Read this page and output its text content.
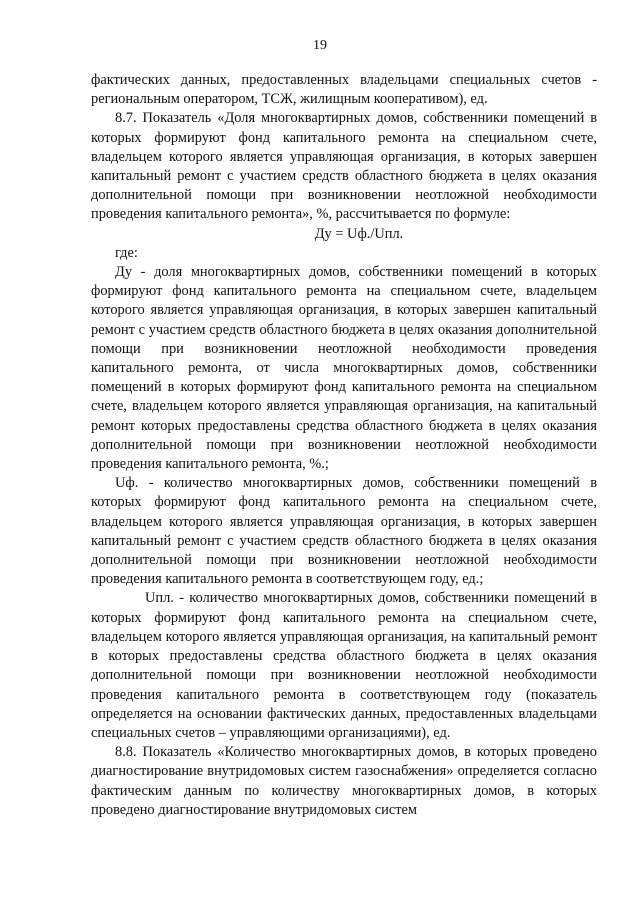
19

фактических данных, предоставленных владельцами специальных счетов - региональным оператором, ТСЖ, жилищным кооперативом), ед.

8.7. Показатель «Доля многоквартирных домов, собственники помещений в которых формируют фонд капитального ремонта на специальном счете, владельцем которого является управляющая организация, в которых завершен капитальный ремонт с участием средств областного бюджета в целях оказания дополнительной помощи при возникновении неотложной необходимости проведения капитального ремонта», %, рассчитывается по формуле:

Ду = Uф./Uпл.

где:

Ду - доля многоквартирных домов, собственники помещений в которых формируют фонд капитального ремонта на специальном счете, владельцем которого является управляющая организация, в которых завершен капитальный ремонт с участием средств областного бюджета в целях оказания дополнительной помощи при возникновении неотложной необходимости проведения капитального ремонта, от числа многоквартирных домов, собственники помещений в которых формируют фонд капитального ремонта на специальном счете, владельцем которого является управляющая организация, на капитальный ремонт которых предоставлены средства областного бюджета в целях оказания дополнительной помощи при возникновении неотложной необходимости проведения капитального ремонта, %.;

Uф. - количество многоквартирных домов, собственники помещений в которых формируют фонд капитального ремонта на специальном счете, владельцем которого является управляющая организация, в которых завершен капитальный ремонт с участием средств областного бюджета в целях оказания дополнительной помощи при возникновении неотложной необходимости проведения капитального ремонта в соответствующем году, ед.;

Uпл. - количество многоквартирных домов, собственники помещений в которых формируют фонд капитального ремонта на специальном счете, владельцем которого является управляющая организация, на капитальный ремонт в которых предоставлены средства областного бюджета в целях оказания дополнительной помощи при возникновении неотложной необходимости проведения капитального ремонта в соответствующем году (показатель определяется на основании фактических данных, предоставленных владельцами специальных счетов – управляющими организациями), ед.

8.8. Показатель «Количество многоквартирных домов, в которых проведено диагностирование внутридомовых систем газоснабжения» определяется согласно фактическим данным по количеству многоквартирных домов, в которых проведено диагностирование внутридомовых систем
